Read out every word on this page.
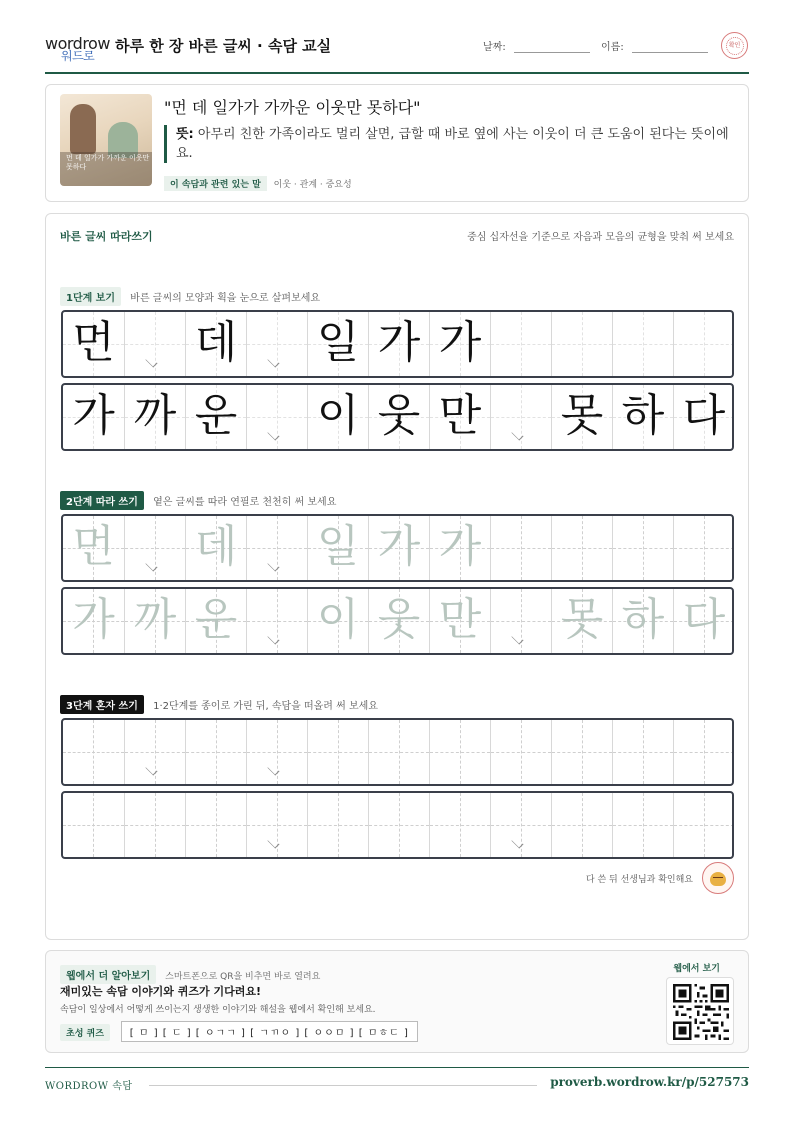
wordrow
워드로
하루 한 장 바른 글씨 · 속담 교실	날짜:	이름:	확인
먼 데 일가가 가까운 이웃만 못하다
"먼 데 일가가 가까운 이웃만 못하다"
뜻: 아무리 친한 가족이라도 멀리 살면, 급할 때 바로 옆에 사는 이웃이 더 큰 도움이 된다는 뜻이에요.
이 속담과 관련 있는 말 이웃 · 관계 · 중요성
바른 글씨 따라쓰기	중심 십자선을 기준으로 자음과 모음의 균형을 맞춰 써 보세요
1단계 보기 바른 글씨의 모양과 획을 눈으로 살펴보세요
먼 데 일 가 가
가 까 운 이 웃 만 못 하 다
2단계 따라 쓰기 옅은 글씨를 따라 연필로 천천히 써 보세요
먼 데 일 가 가
가 까 운 이 웃 만 못 하 다
3단계 혼자 쓰기 1·2단계를 종이로 가린 뒤, 속담을 떠올려 써 보세요
다 쓴 뒤 선생님과 확인해요
웹에서 더 알아보기 스마트폰으로 QR을 비추면 바로 열려요
재미있는 속담 이야기와 퀴즈가 기다려요!
속담이 일상에서 어떻게 쓰이는지 생생한 이야기와 해설을 웹에서 확인해 보세요.
초성 퀴즈	[ ㅁ ] [ ㄷ ] [ ㅇㄱㄱ ] [ ㄱㄲㅇ ] [ ㅇㅇㅁ ] [ ㅁㅎㄷ ]
웹에서 보기
WORDROW 속담	proverb.wordrow.kr/p/527573
